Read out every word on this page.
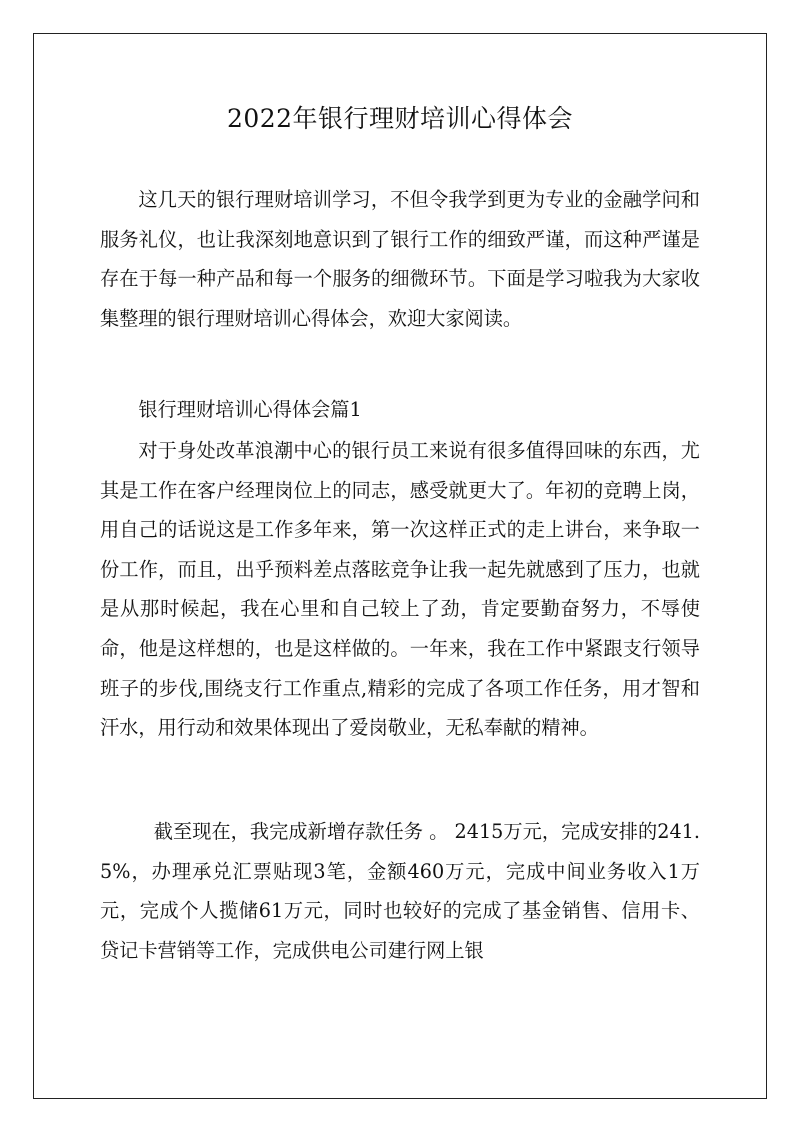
2022年银行理财培训心得体会

这几天的银行理财培训学习，不但令我学到更为专业的金融学问和服务礼仪，也让我深刻地意识到了银行工作的细致严谨，而这种严谨是存在于每一种产品和每一个服务的细微环节。下面是学习啦我为大家收集整理的银行理财培训心得体会，欢迎大家阅读。

银行理财培训心得体会篇1

对于身处改革浪潮中心的银行员工来说有很多值得回味的东西，尤其是工作在客户经理岗位上的同志，感受就更大了。年初的竞聘上岗，用自己的话说这是工作多年来，第一次这样正式的走上讲台，来争取一份工作，而且，出乎预料差点落眩竞争让我一起先就感到了压力，也就是从那时候起，我在心里和自己较上了劲，肯定要勤奋努力，不辱使命，他是这样想的，也是这样做的。一年来，我在工作中紧跟支行领导班子的步伐,围绕支行工作重点,精彩的完成了各项工作任务，用才智和汗水，用行动和效果体现出了爱岗敬业，无私奉献的精神。

截至现在，我完成新增存款任务 。 2415万元，完成安排的241.5%，办理承兑汇票贴现3笔，金额460万元，完成中间业务收入1万元，完成个人揽储61万元，同时也较好的完成了基金销售、信用卡、贷记卡营销等工作，完成供电公司建行网上银
